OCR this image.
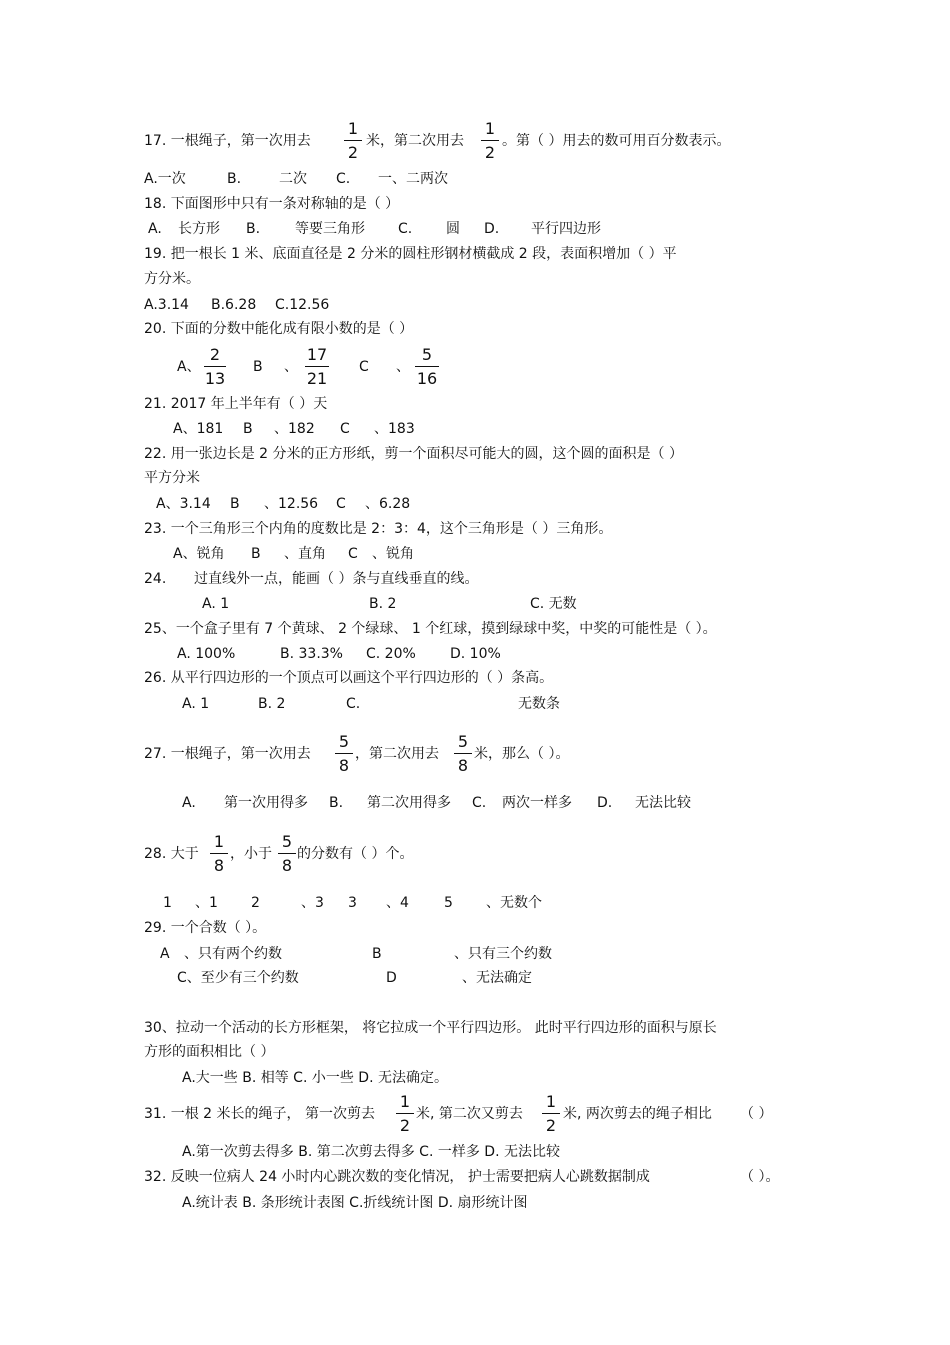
17. 一根绳子，第一次用去
1
2
米，第二次用去
1
2
。第（ ）用去的数可用百分数表示。
A.一次	B.	二次 C. 一、二两次
18. 下面图形中只有一条对称轴的是（ ）
A. 长方形 B. 等要三角形 C. 圆 D. 平行四边形
19. 把一根长 1 米、底面直径是 2 分米的圆柱形钢材横截成 2 段，表面积增加（ ）平
方分米。
A.3.14 B.6.28 C.12.56
20. 下面的分数中能化成有限小数的是（ ）
A、
2
13
B 、
17
21
C 、
5
16
21. 2017 年上半年有（ ）天
A、181 B 、182 C 、183
22. 用一张边长是 2 分米的正方形纸，剪一个面积尽可能大的圆，这个圆的面积是（ ）
平方分米
A、3.14 B 、12.56 C 、6.28
23. 一个三角形三个内角的度数比是 2：3：4，这个三角形是（ ）三角形。
A、锐角 B 、直角 C 、锐角
24. 过直线外一点，能画（ ）条与直线垂直的线。
A. 1	B. 2	C. 无数
25、一个盒子里有 7 个黄球、 2 个绿球、 1 个红球，摸到绿球中奖，中奖的可能性是（ ）。
A. 100%	B. 33.3% C. 20% D. 10%
26. 从平行四边形的一个顶点可以画这个平行四边形的（ ）条高。
A. 1	B. 2	C.	无数条
27. 一根绳子，第一次用去
5
8
，第二次用去
5
8
米，那么（ ）。
A. 第一次用得多 B. 第二次用得多 C. 两次一样多 D. 无法比较
28. 大于
1
8
，小于
5
8
的分数有（ ）个。
1 、1 2	、3 3 、4	5 、无数个
29. 一个合数（ ）。
A 、只有两个约数	B	、只有三个约数
C、至少有三个约数	D	、无法确定
30、拉动一个活动的长方形框架， 将它拉成一个平行四边形。 此时平行四边形的面积与原长
方形的面积相比（ ）
A.大一些 B. 相等 C. 小一些 D. 无法确定。
31. 一根 2 米长的绳子， 第一次剪去
1
2
米, 第二次又剪去
1
2
米, 两次剪去的绳子相比 （ ）
A.第一次剪去得多 B. 第二次剪去得多 C. 一样多 D. 无法比较
32. 反映一位病人 24 小时内心跳次数的变化情况， 护士需要把病人心跳数据制成	（ ）。
A.统计表 B. 条形统计表图 C.折线统计图 D. 扇形统计图
